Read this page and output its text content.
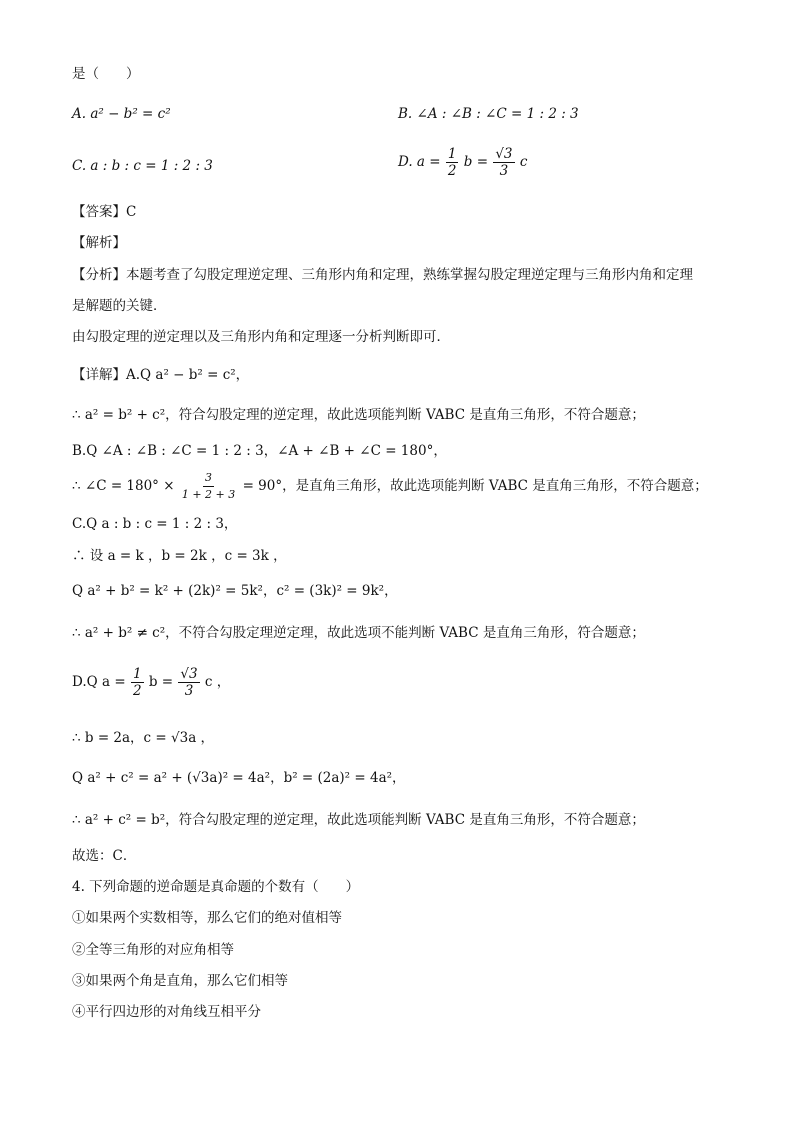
是（　　）
A. a² − b² = c²	B. ∠A : ∠B : ∠C = 1 : 2 : 3
C. a : b : c = 1 : 2 : 3	D. $a = \frac{1}{2}$ $b = \frac{√3}{3}$ c
【答案】C
【解析】
【分析】本题考查了勾股定理逆定理、三角形内角和定理，熟练掌握勾股定理逆定理与三角形内角和定理
是解题的关键．
由勾股定理的逆定理以及三角形内角和定理逐一分析判断即可．
【详解】A.Q a² − b² = c²，
∴ a² = b² + c²，符合勾股定理的逆定理，故此选项能判断 VABC 是直角三角形，不符合题意；
B.Q ∠A : ∠B : ∠C = 1 : 2 : 3，∠A + ∠B + ∠C = 180°，
∴ ∠C = $180^\circ \times \frac{3}{1 + 2 + 3} = 90^\circ$，是直角三角形，故此选项能判断 VABC 是直角三角形，不符合题意；
C.Q a : b : c = 1 : 2 : 3，
∴ 设 a = k ，b = 2k ，c = 3k ，
Q a² + b² = k² + (2k)² = 5k²，c² = (3k)² = 9k²，
∴ a² + b² ≠ c²，不符合勾股定理逆定理，故此选项不能判断 VABC 是直角三角形，符合题意；
D.Q $a = \frac{1}{2}$ $b = \frac{√3}{3}$ c ，
∴ b = 2a，c = √3a ，
Q a² + c² = a² + (√3a)² = 4a²，b² = (2a)² = 4a²，
∴ a² + c² = b²，符合勾股定理的逆定理，故此选项能判断 VABC 是直角三角形，不符合题意；
故选：C．
4. 下列命题的逆命题是真命题的个数有（　　）
①如果两个实数相等，那么它们的绝对值相等
②全等三角形的对应角相等
③如果两个角是直角，那么它们相等
④平行四边形的对角线互相平分
